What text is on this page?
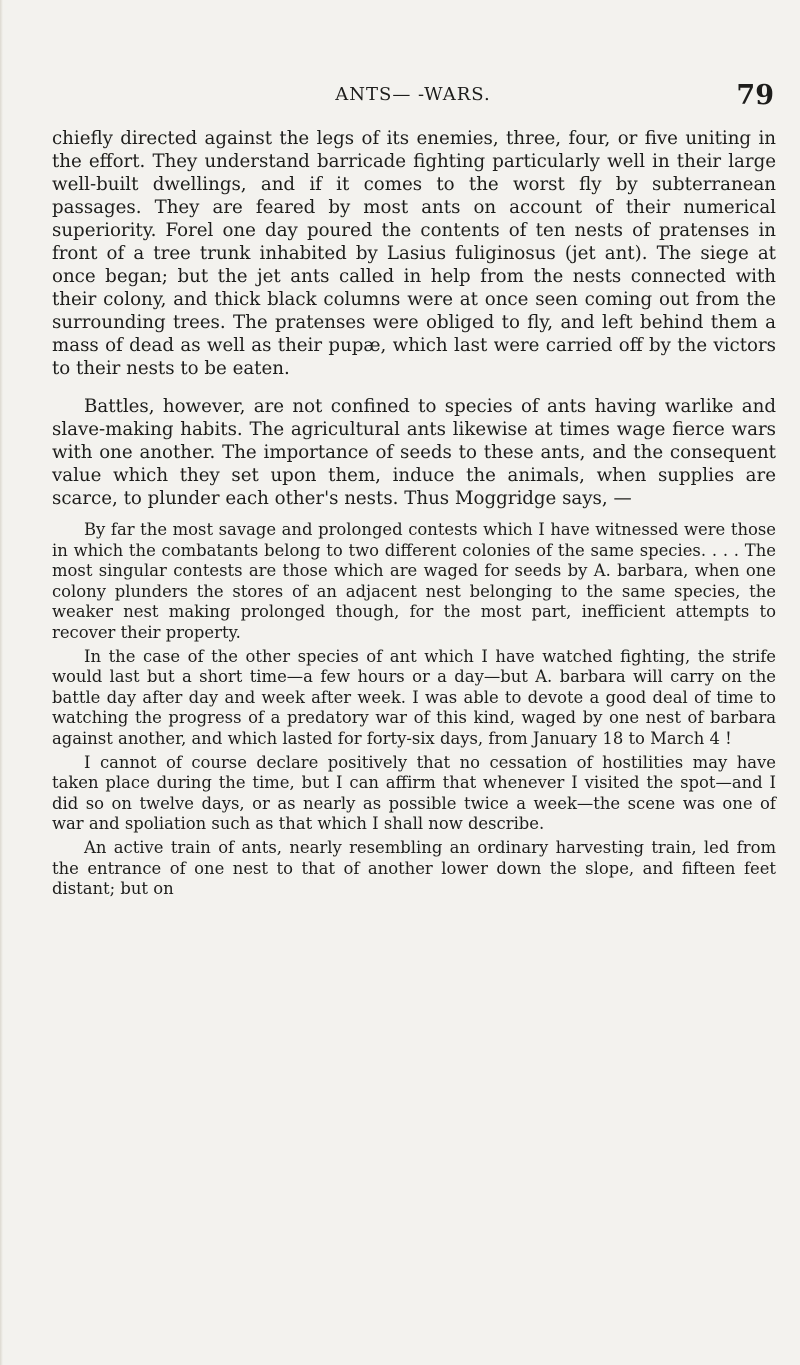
ANTS— -WARS.	79

chiefly directed against the legs of its enemies, three, four, or five uniting in the effort. They understand barricade fighting particularly well in their large well-built dwellings, and if it comes to the worst fly by subterranean passages. They are feared by most ants on account of their numerical superiority. Forel one day poured the contents of ten nests of pratenses in front of a tree trunk inhabited by Lasius fuliginosus (jet ant). The siege at once began; but the jet ants called in help from the nests connected with their colony, and thick black columns were at once seen coming out from the surrounding trees. The pratenses were obliged to fly, and left behind them a mass of dead as well as their pupæ, which last were carried off by the victors to their nests to be eaten.

Battles, however, are not confined to species of ants having warlike and slave-making habits. The agricultural ants likewise at times wage fierce wars with one another. The importance of seeds to these ants, and the consequent value which they set upon them, induce the animals, when supplies are scarce, to plunder each other's nests. Thus Moggridge says, —

By far the most savage and prolonged contests which I have witnessed were those in which the combatants belong to two different colonies of the same species. . . . The most singular contests are those which are waged for seeds by A. barbara, when one colony plunders the stores of an adjacent nest belonging to the same species, the weaker nest making prolonged though, for the most part, inefficient attempts to recover their property.

In the case of the other species of ant which I have watched fighting, the strife would last but a short time—a few hours or a day—but A. barbara will carry on the battle day after day and week after week. I was able to devote a good deal of time to watching the progress of a predatory war of this kind, waged by one nest of barbara against another, and which lasted for forty-six days, from January 18 to March 4 !

I cannot of course declare positively that no cessation of hostilities may have taken place during the time, but I can affirm that whenever I visited the spot—and I did so on twelve days, or as nearly as possible twice a week—the scene was one of war and spoliation such as that which I shall now describe.

An active train of ants, nearly resembling an ordinary harvesting train, led from the entrance of one nest to that of another lower down the slope, and fifteen feet distant; but on
